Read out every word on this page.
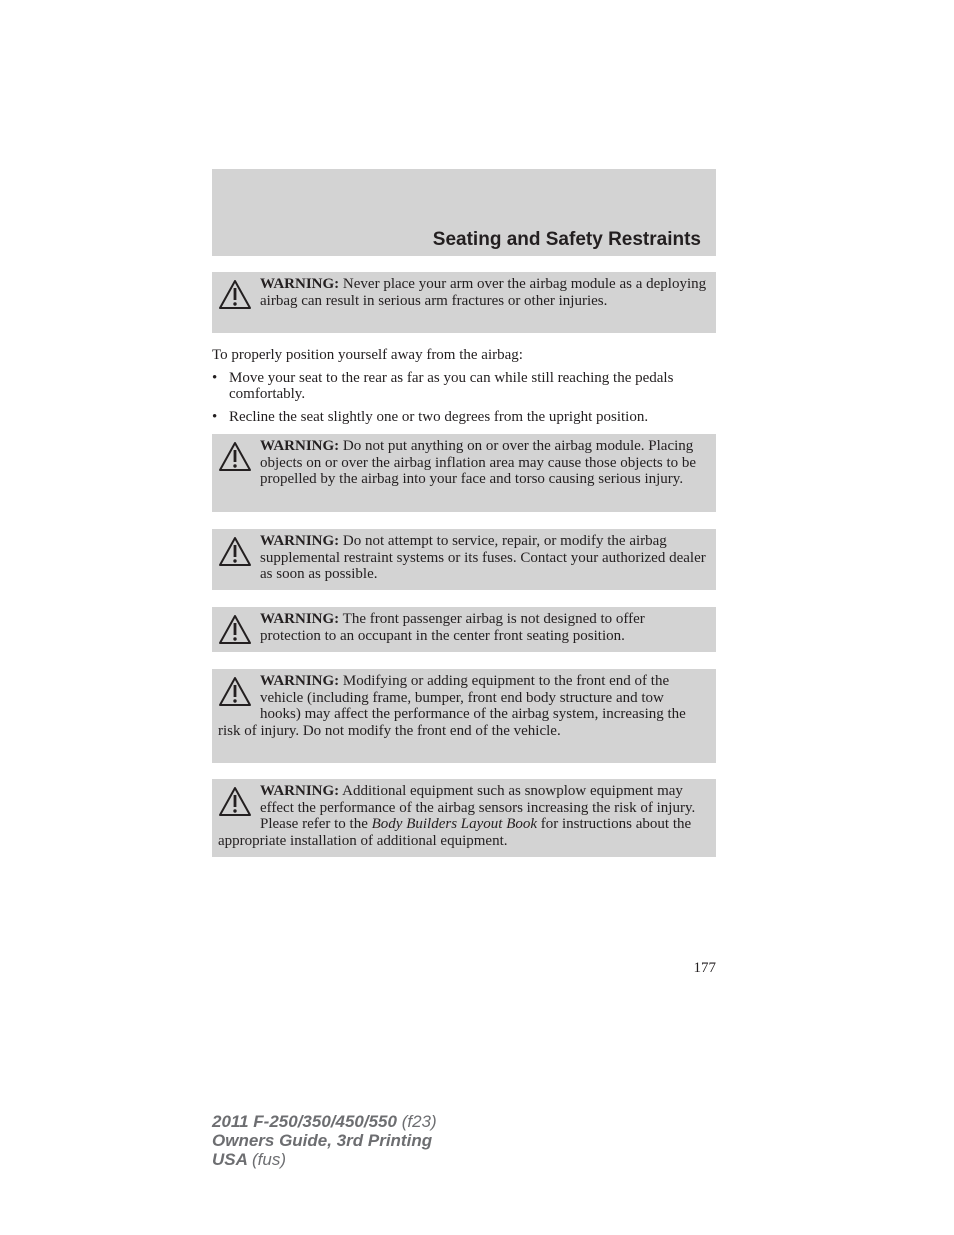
Seating and Safety Restraints
WARNING: Never place your arm over the airbag module as a deploying airbag can result in serious arm fractures or other injuries.
To properly position yourself away from the airbag:
• Move your seat to the rear as far as you can while still reaching the pedals comfortably.
• Recline the seat slightly one or two degrees from the upright position.
WARNING: Do not put anything on or over the airbag module. Placing objects on or over the airbag inflation area may cause those objects to be propelled by the airbag into your face and torso causing serious injury.
WARNING: Do not attempt to service, repair, or modify the airbag supplemental restraint systems or its fuses. Contact your authorized dealer as soon as possible.
WARNING: The front passenger airbag is not designed to offer protection to an occupant in the center front seating position.
WARNING: Modifying or adding equipment to the front end of the vehicle (including frame, bumper, front end body structure and tow hooks) may affect the performance of the airbag system, increasing the risk of injury. Do not modify the front end of the vehicle.
WARNING: Additional equipment such as snowplow equipment may effect the performance of the airbag sensors increasing the risk of injury. Please refer to the Body Builders Layout Book for instructions about the appropriate installation of additional equipment.
177
2011 F-250/350/450/550 (f23)
Owners Guide, 3rd Printing
USA (fus)
